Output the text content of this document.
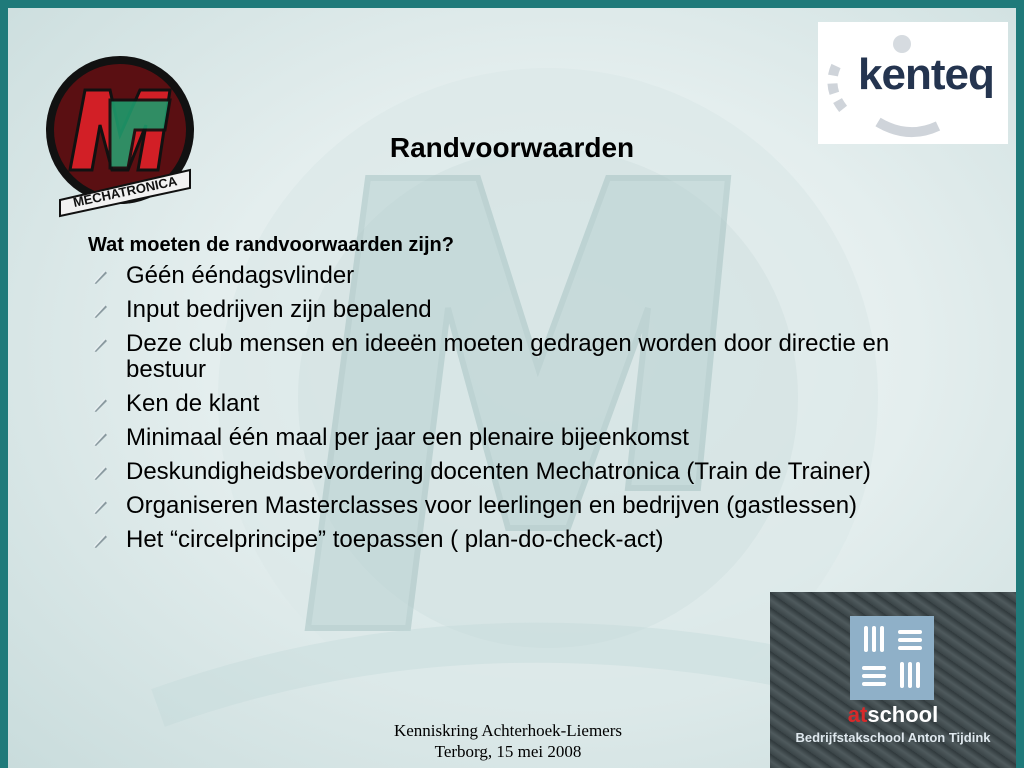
MECHATRONICA
kenteq
Randvoorwaarden
Wat moeten de randvoorwaarden zijn?
Géén ééndagsvlinder
Input bedrijven zijn bepalend
Deze club mensen en ideeën moeten gedragen worden door directie en bestuur
Ken de klant
Minimaal één maal per jaar een plenaire bijeenkomst
Deskundigheidsbevordering docenten Mechatronica (Train de Trainer)
Organiseren Masterclasses voor leerlingen en bedrijven (gastlessen)
Het “circelprincipe” toepassen ( plan-do-check-act)
Kenniskring Achterhoek-Liemers
Terborg, 15 mei 2008
atschool
Bedrijfstakschool Anton Tijdink
